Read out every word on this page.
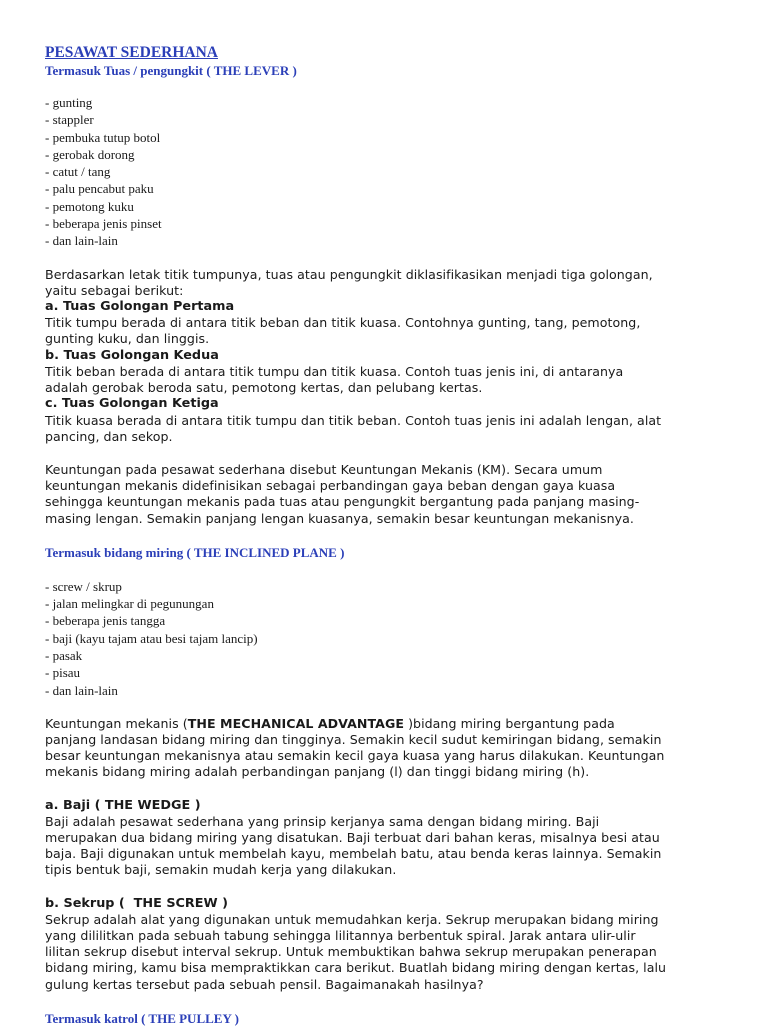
PESAWAT SEDERHANA
Termasuk Tuas / pengungkit ( THE LEVER )
- gunting
- stappler
- pembuka tutup botol
- gerobak dorong
- catut / tang
- palu pencabut paku
- pemotong kuku
- beberapa jenis pinset
- dan lain-lain

Berdasarkan letak titik tumpunya, tuas atau pengungkit diklasifikasikan menjadi tiga golongan,
yaitu sebagai berikut:

a. Tuas Golongan Pertama

Titik tumpu berada di antara titik beban dan titik kuasa. Contohnya gunting, tang, pemotong,
gunting kuku, dan linggis.

b. Tuas Golongan Kedua

Titik beban berada di antara titik tumpu dan titik kuasa. Contoh tuas jenis ini, di antaranya
adalah gerobak beroda satu, pemotong kertas, dan pelubang kertas.

c. Tuas Golongan Ketiga

Titik kuasa berada di antara titik tumpu dan titik beban. Contoh tuas jenis ini adalah lengan, alat
pancing, dan sekop.

Keuntungan pada pesawat sederhana disebut Keuntungan Mekanis (KM). Secara umum
keuntungan mekanis didefinisikan sebagai perbandingan gaya beban dengan gaya kuasa
sehingga keuntungan mekanis pada tuas atau pengungkit bergantung pada panjang masing-
masing lengan. Semakin panjang lengan kuasanya, semakin besar keuntungan mekanisnya.

Termasuk bidang miring ( THE INCLINED PLANE )
- screw / skrup
- jalan melingkar di pegunungan
- beberapa jenis tangga
- baji (kayu tajam atau besi tajam lancip)
- pasak
- pisau
- dan lain-lain

Keuntungan mekanis (THE MECHANICAL ADVANTAGE )bidang miring bergantung pada
panjang landasan bidang miring dan tingginya. Semakin kecil sudut kemiringan bidang, semakin
besar keuntungan mekanisnya atau semakin kecil gaya kuasa yang harus dilakukan. Keuntungan
mekanis bidang miring adalah perbandingan panjang (l) dan tinggi bidang miring (h).

a. Baji ( THE WEDGE )

Baji adalah pesawat sederhana yang prinsip kerjanya sama dengan bidang miring. Baji
merupakan dua bidang miring yang disatukan. Baji terbuat dari bahan keras, misalnya besi atau
baja. Baji digunakan untuk membelah kayu, membelah batu, atau benda keras lainnya. Semakin
tipis bentuk baji, semakin mudah kerja yang dilakukan.

b. Sekrup (  THE SCREW )

Sekrup adalah alat yang digunakan untuk memudahkan kerja. Sekrup merupakan bidang miring
yang dililitkan pada sebuah tabung sehingga lilitannya berbentuk spiral. Jarak antara ulir-ulir
lilitan sekrup disebut interval sekrup. Untuk membuktikan bahwa sekrup merupakan penerapan
bidang miring, kamu bisa mempraktikkan cara berikut. Buatlah bidang miring dengan kertas, lalu
gulung kertas tersebut pada sebuah pensil. Bagaimanakah hasilnya?

Termasuk katrol ( THE PULLEY )
